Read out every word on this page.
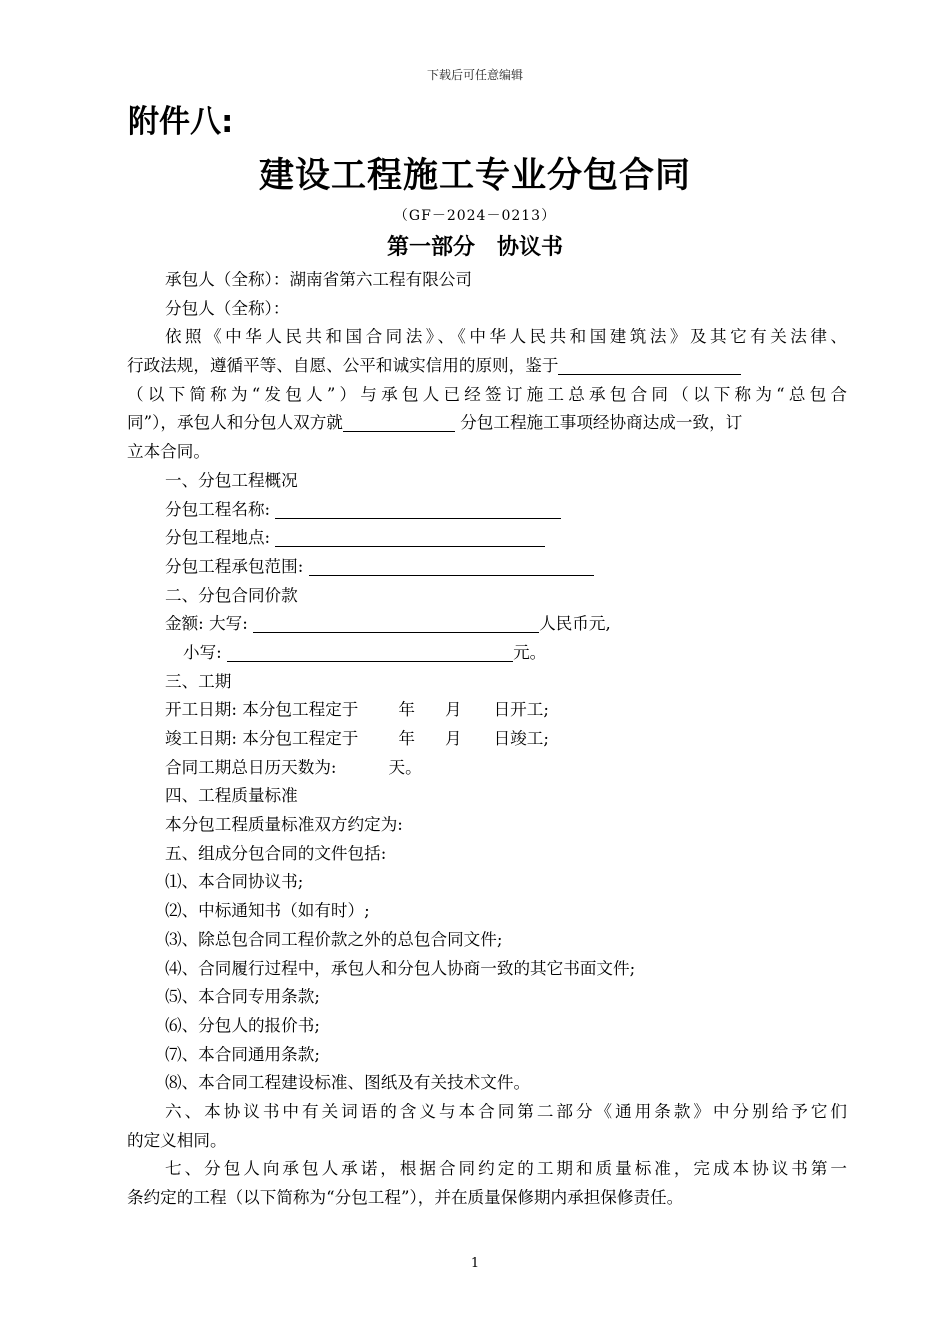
下载后可任意编辑
附件八:
建设工程施工专业分包合同
（GF－2024－0213）
第一部分　协议书
承包人（全称）：湖南省第六工程有限公司
分包人（全称）：
依照《中华人民共和国合同法》、《中华人民共和国建筑法》及其它有关法律、
行政法规，遵循平等、自愿、公平和诚实信用的原则，鉴于
（以下简称为“发包人”）与承包人已经签订施工总承包合同（以下称为“总包合
同”），承包人和分包人双方就	分包工程施工事项经协商达成一致，订
立本合同。
一、分包工程概况
分包工程名称:
分包工程地点:
分包工程承包范围:
二、分包合同价款
金额: 大写:	人民币元,
小写:	元。
三、工期
开工日期: 本分包工程定于 年 月 日开工;
竣工日期: 本分包工程定于 年 月 日竣工;
合同工期总日历天数为:	天。
四、工程质量标准
本分包工程质量标准双方约定为:
五、组成分包合同的文件包括:
⑴、本合同协议书;
⑵、中标通知书（如有时）;
⑶、除总包合同工程价款之外的总包合同文件;
⑷、合同履行过程中，承包人和分包人协商一致的其它书面文件;
⑸、本合同专用条款;
⑹、分包人的报价书;
⑺、本合同通用条款;
⑻、本合同工程建设标准、图纸及有关技术文件。
六、本协议书中有关词语的含义与本合同第二部分《通用条款》中分别给予它们
的定义相同。
七、分包人向承包人承诺，根据合同约定的工期和质量标准，完成本协议书第一
条约定的工程（以下简称为“分包工程”），并在质量保修期内承担保修责任。
1
